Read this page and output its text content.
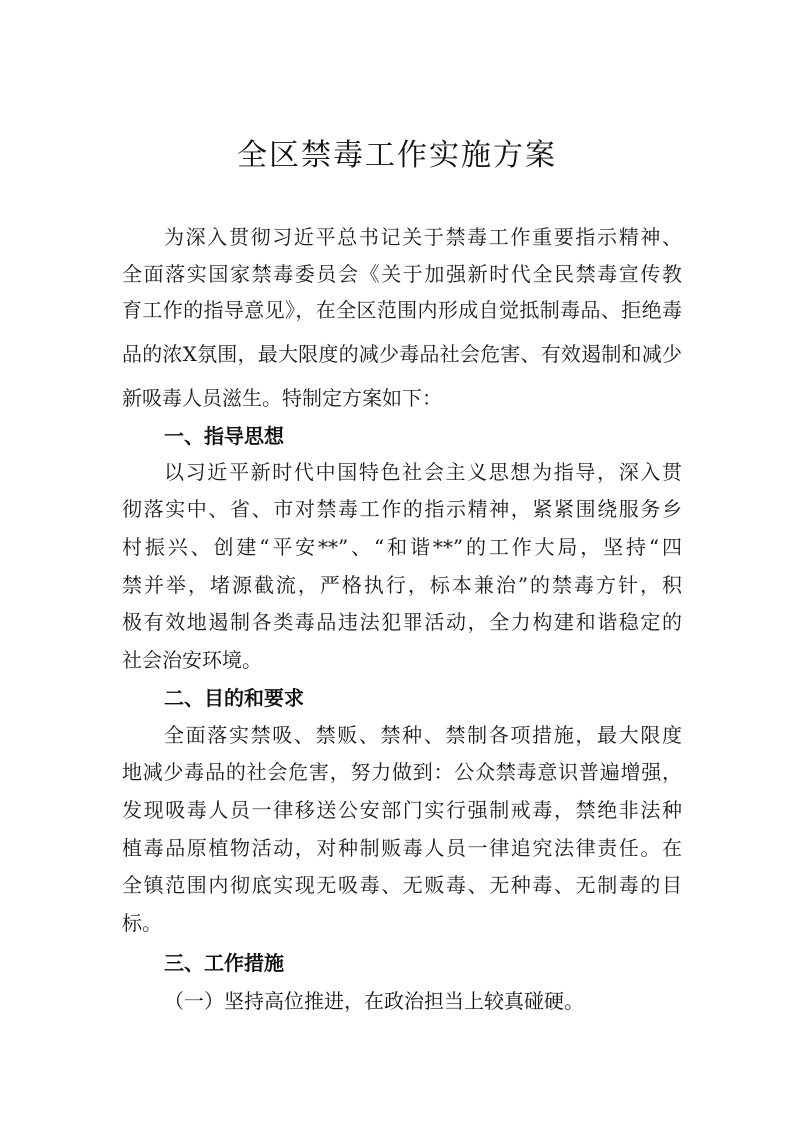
全区禁毒工作实施方案
为深入贯彻习近平总书记关于禁毒工作重要指示精神、
全面落实国家禁毒委员会《关于加强新时代全民禁毒宣传教
育工作的指导意见》，在全区范围内形成自觉抵制毒品、拒绝毒
品的浓X氛围，最大限度的减少毒品社会危害、有效遏制和减少
新吸毒人员滋生。特制定方案如下：
一、指导思想
以习近平新时代中国特色社会主义思想为指导，深入贯
彻落实中、省、市对禁毒工作的指示精神，紧紧围绕服务乡
村振兴、创建“平安**”、“和谐**”的工作大局，坚持“四
禁并举，堵源截流，严格执行，标本兼治”的禁毒方针，积
极有效地遏制各类毒品违法犯罪活动，全力构建和谐稳定的
社会治安环境。
二、目的和要求
全面落实禁吸、禁贩、禁种、禁制各项措施，最大限度
地减少毒品的社会危害，努力做到：公众禁毒意识普遍增强，
发现吸毒人员一律移送公安部门实行强制戒毒，禁绝非法种
植毒品原植物活动，对种制贩毒人员一律追究法律责任。在
全镇范围内彻底实现无吸毒、无贩毒、无种毒、无制毒的目
标。
三、工作措施
（一）坚持高位推进，在政治担当上较真碰硬。
